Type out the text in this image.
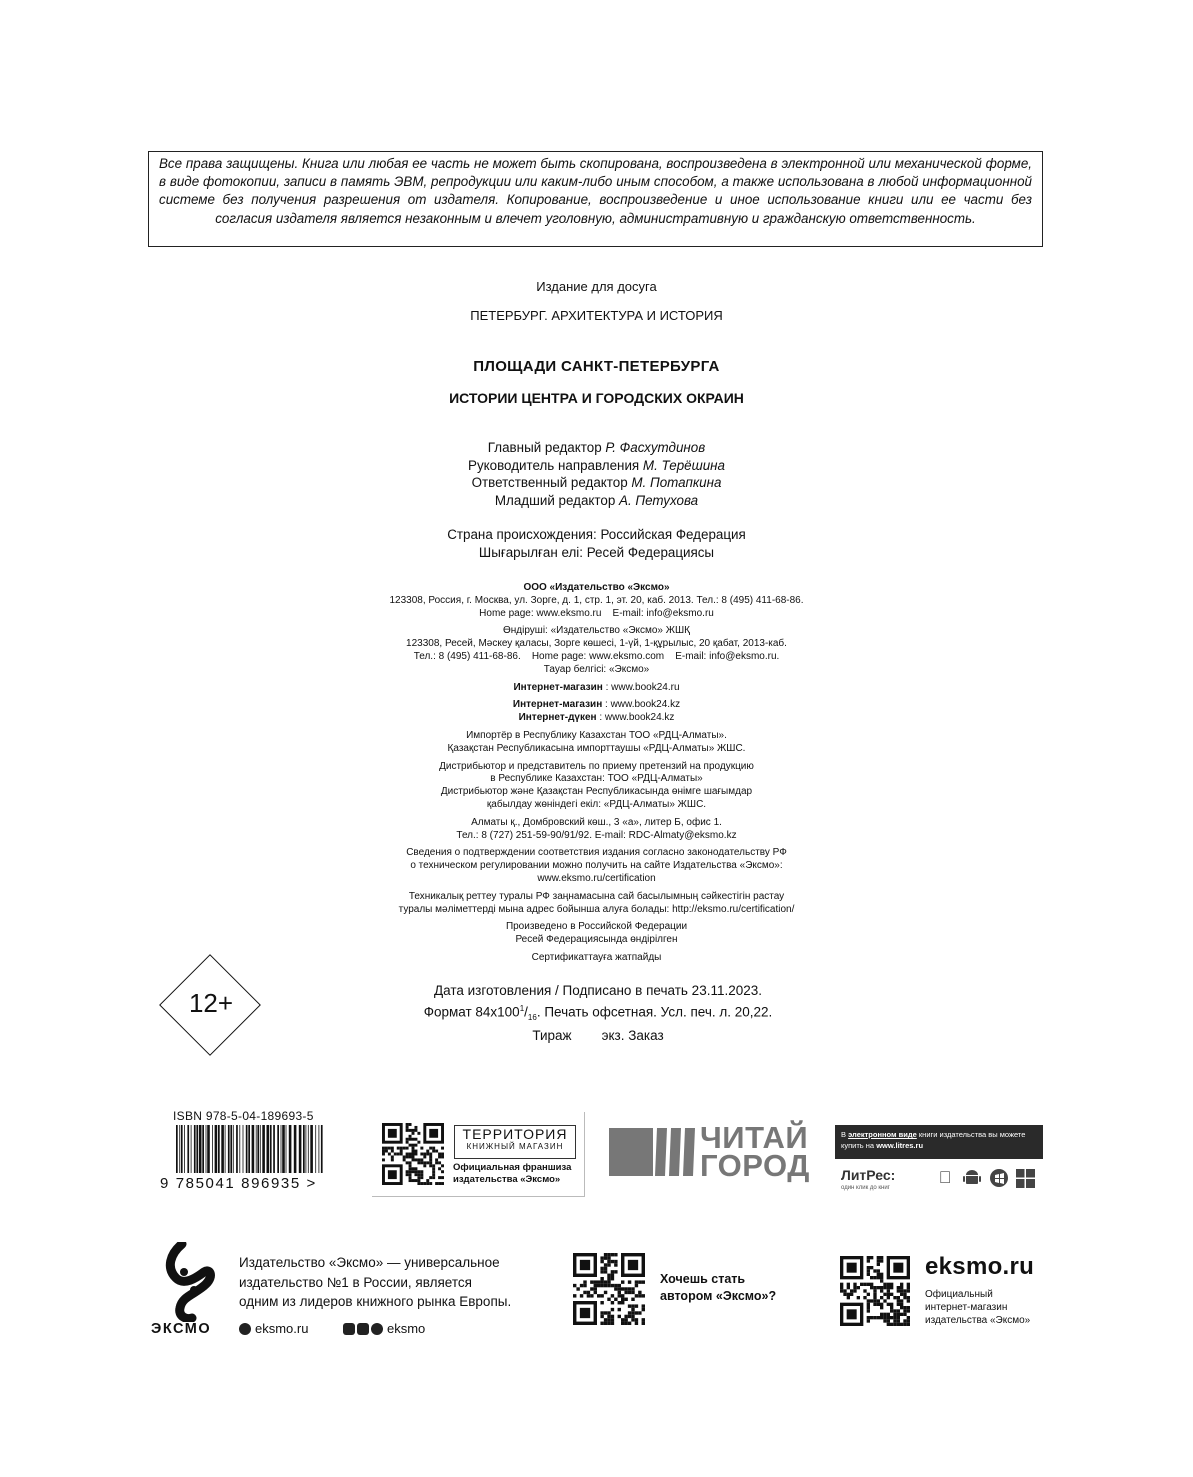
Все права защищены. Книга или любая ее часть не может быть скопирована, воспроизведена в электронной или механической форме, в виде фотокопии, записи в память ЭВМ, репродукции или каким-либо иным способом, а также использована в любой информационной системе без получения разрешения от издателя. Копирование, воспроизведение и иное использование книги или ее части без согласия издателя является незаконным и влечет уголовную, административную и гражданскую ответственность.
Издание для досуга
ПЕТЕРБУРГ. АРХИТЕКТУРА И ИСТОРИЯ
ПЛОЩАДИ САНКТ-ПЕТЕРБУРГА
ИСТОРИИ ЦЕНТРА И ГОРОДСКИХ ОКРАИН
Главный редактор Р. Фасхутдинов
Руководитель направления М. Терёшина
Ответственный редактор М. Потапкина
Младший редактор А. Петухова
Страна происхождения: Российская Федерация
Шығарылған елі: Ресей Федерациясы
ООО «Издательство «Эксмо»
123308, Россия, г. Москва, ул. Зорге, д. 1, стр. 1, эт. 20, каб. 2013. Тел.: 8 (495) 411-68-86.
Home page: www.eksmo.ru    E-mail: info@eksmo.ru
Өндіруші: «Издательство «Эксмо» ЖШҚ
123308, Ресей, Мәскеу қаласы, Зорге көшесі, 1-үй, 1-құрылыс, 20 қабат, 2013-каб.
Тел.: 8 (495) 411-68-86.    Home page: www.eksmo.com    E-mail: info@eksmo.ru.
Тауар белгісі: «Эксмо»
Интернет-магазин : www.book24.ru
Интернет-магазин : www.book24.kz
Интернет-дүкен : www.book24.kz
Импортёр в Республику Казахстан ТОО «РДЦ-Алматы».
Қазақстан Республикасына импорттаушы «РДЦ-Алматы» ЖШС.
Дистрибьютор и представитель по приему претензий на продукцию
в Республике Казахстан: ТОО «РДЦ-Алматы»
Дистрибьютор және Қазақстан Республикасында өнімге шағымдар
қабылдау жөніндегі екіл: «РДЦ-Алматы» ЖШС.
Алматы қ., Домбровский көш., 3 «а», литер Б, офис 1.
Тел.: 8 (727) 251-59-90/91/92. E-mail: RDC-Almaty@eksmo.kz
Сведения о подтверждении соответствия издания согласно законодательству РФ
о техническом регулировании можно получить на сайте Издательства «Эксмо»:
www.eksmo.ru/certification
Техникалық реттеу туралы РФ заңнамасына сай басылымның сәйкестігін растау
туралы мәліметтерді мына адрес бойынша алуға болады: http://eksmo.ru/certification/
Произведено в Российской Федерации
Ресей Федерациясында өндірілген
Сертификаттауға жатпайды
12+	Дата изготовления / Подписано в печать 23.11.2023.
Формат $84х100^1/_{16}$. Печать офсетная. Усл. печ. л. 20,22.
Тираж        экз. Заказ
ISBN 978-5-04-189693-5
9 785041 896935 >
ТЕРРИТОРИЯ
КНИЖНЫЙ МАГАЗИН
Официальная франшиза
издательства «Эксмо»
ЧИТАЙ
ГОРОД
В электронном виде книги издательства вы можете
купить на www.litres.ru
ЛитРес:
один клик до книг
ЭКСМО
Издательство «Эксмо» — универсальное
издательство №1 в России, является
одним из лидеров книжного рынка Европы.
eksmo.ru	eksmo
Хочешь стать
автором «Эксмо»?
eksmo.ru
Официальный
интернет-магазин
издательства «Эксмо»
